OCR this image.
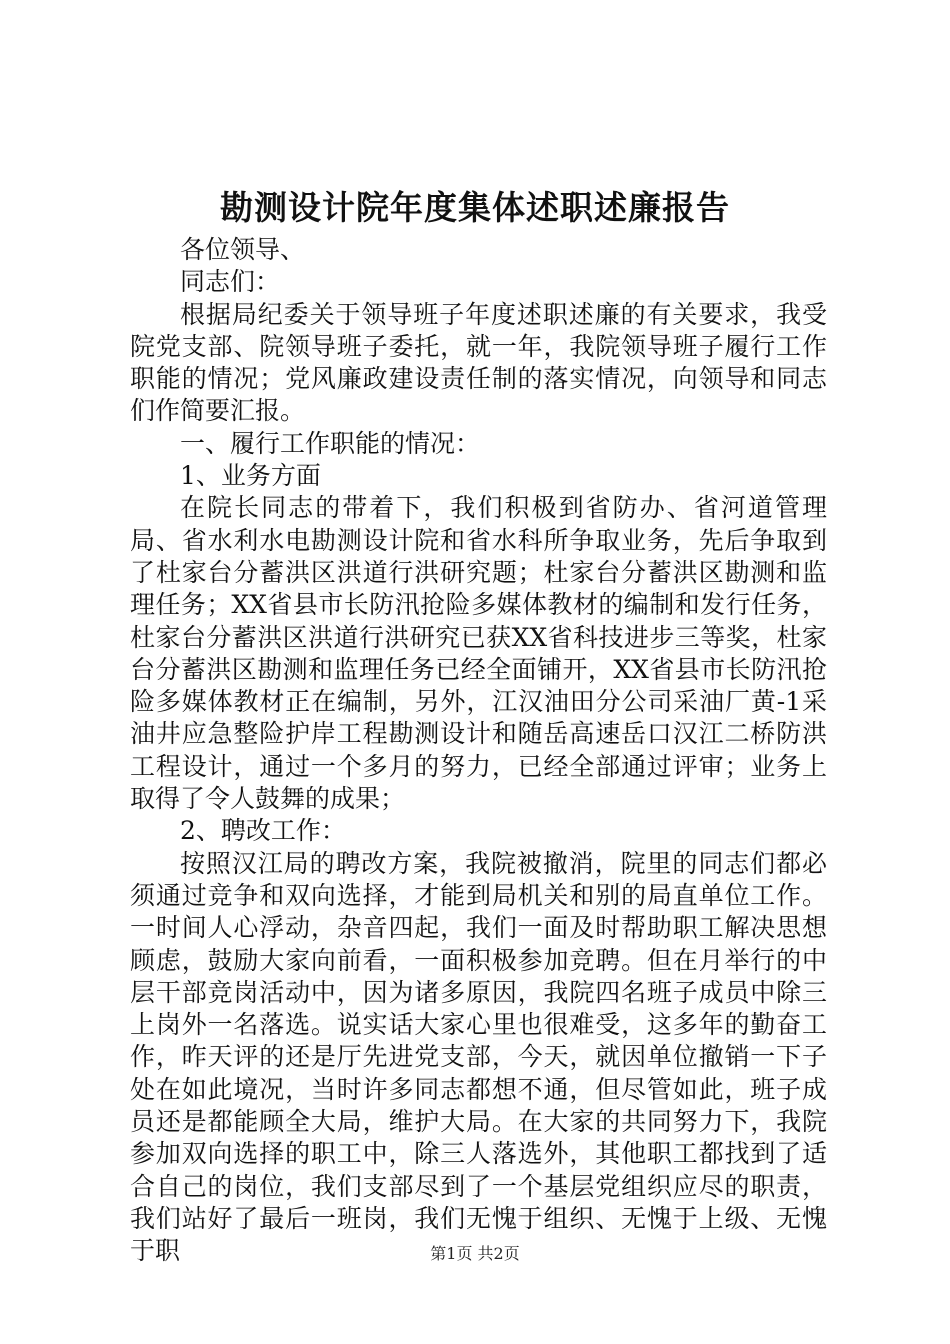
勘测设计院年度集体述职述廉报告

各位领导、

同志们：

根据局纪委关于领导班子年度述职述廉的有关要求，我受院党支部、院领导班子委托，就一年，我院领导班子履行工作职能的情况；党风廉政建设责任制的落实情况，向领导和同志们作简要汇报。

一、履行工作职能的情况：

1、业务方面

在院长同志的带着下，我们积极到省防办、省河道管理局、省水利水电勘测设计院和省水科所争取业务，先后争取到了杜家台分蓄洪区洪道行洪研究题；杜家台分蓄洪区勘测和监理任务；XX省县市长防汛抢险多媒体教材的编制和发行任务，杜家台分蓄洪区洪道行洪研究已获XX省科技进步三等奖，杜家台分蓄洪区勘测和监理任务已经全面铺开，XX省县市长防汛抢险多媒体教材正在编制，另外，江汉油田分公司采油厂黄-1采油井应急整险护岸工程勘测设计和随岳高速岳口汉江二桥防洪工程设计，通过一个多月的努力，已经全部通过评审；业务上取得了令人鼓舞的成果；

2、聘改工作：

按照汉江局的聘改方案，我院被撤消，院里的同志们都必须通过竞争和双向选择，才能到局机关和别的局直单位工作。一时间人心浮动，杂音四起，我们一面及时帮助职工解决思想顾虑，鼓励大家向前看，一面积极参加竞聘。但在月举行的中层干部竞岗活动中，因为诸多原因，我院四名班子成员中除三上岗外一名落选。说实话大家心里也很难受，这多年的勤奋工作，昨天评的还是厅先进党支部，今天，就因单位撤销一下子处在如此境况，当时许多同志都想不通，但尽管如此，班子成员还是都能顾全大局，维护大局。在大家的共同努力下，我院参加双向选择的职工中，除三人落选外，其他职工都找到了适合自己的岗位，我们支部尽到了一个基层党组织应尽的职责，我们站好了最后一班岗，我们无愧于组织、无愧于上级、无愧于职	第1页 共2页
